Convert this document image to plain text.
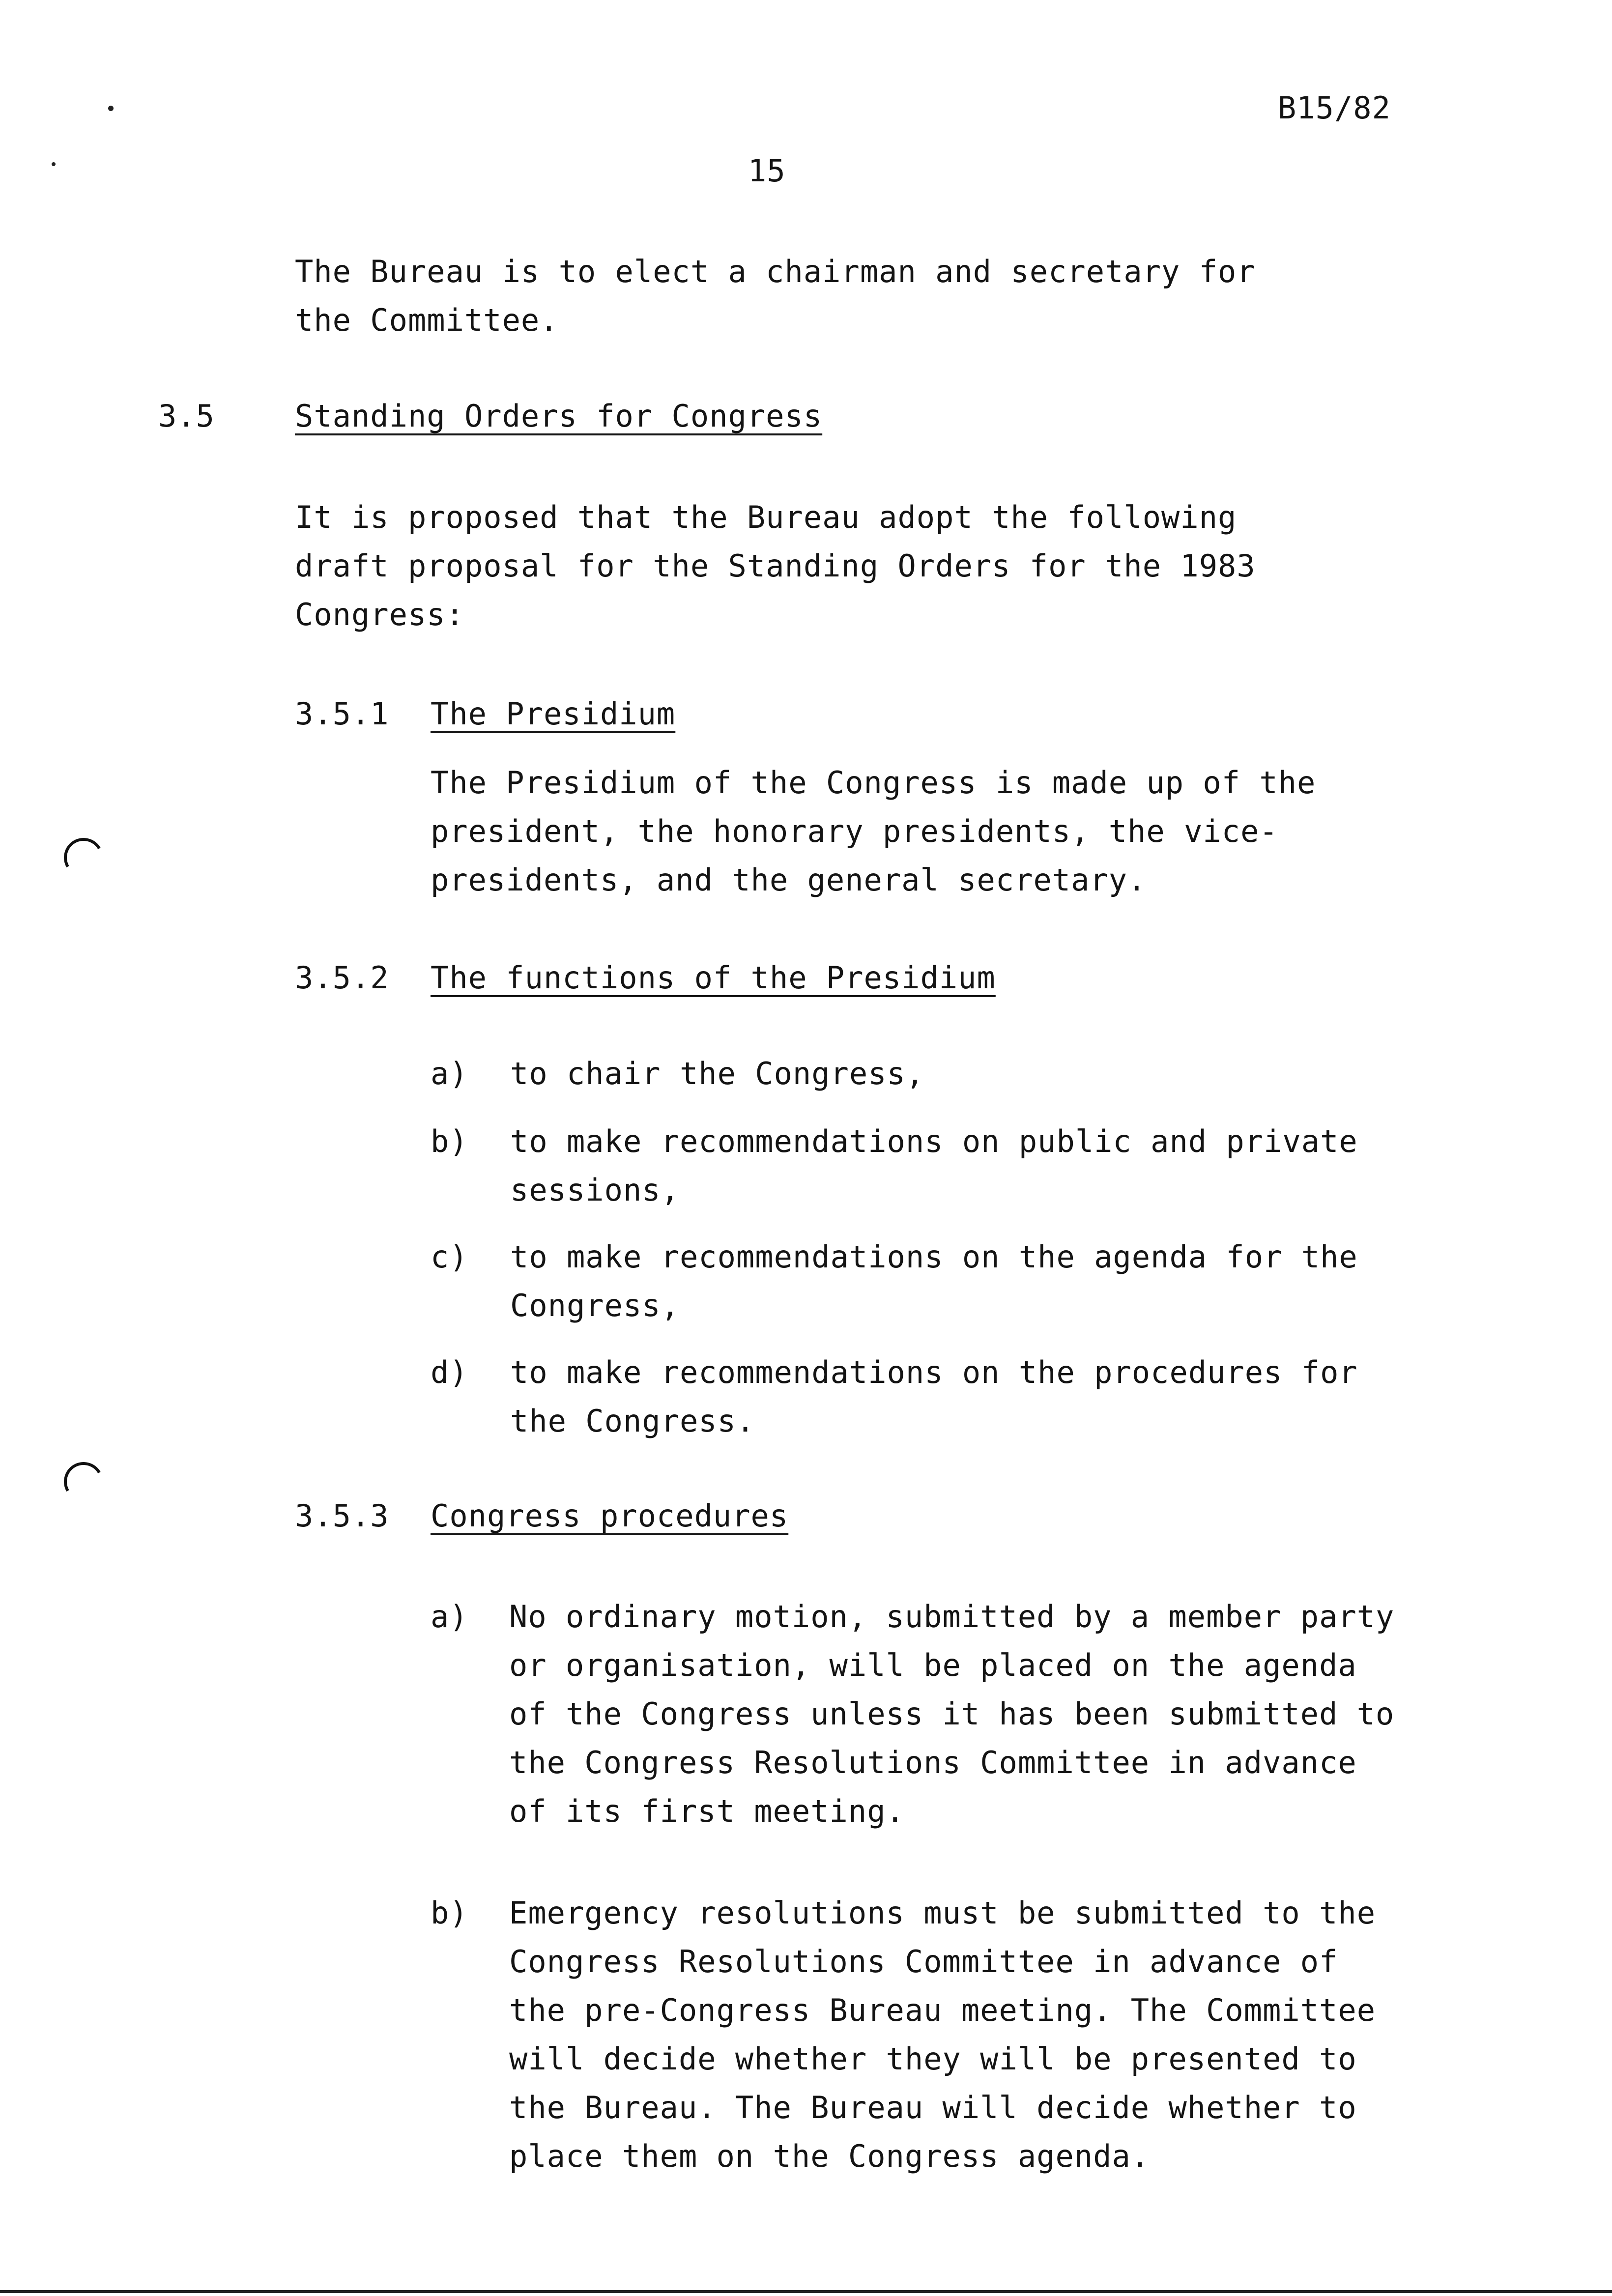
B15/82
15
The Bureau is to elect a chairman and secretary for
the Committee.
3.5	Standing Orders for Congress
It is proposed that the Bureau adopt the following
draft proposal for the Standing Orders for the 1983
Congress:
3.5.1 The Presidium
The Presidium of the Congress is made up of the
president, the honorary presidents, the vice-
presidents, and the general secretary.
3.5.2 The functions of the Presidium
a) to chair the Congress,
b) to make recommendations on public and private
sessions,
c) to make recommendations on the agenda for the
Congress,
d) to make recommendations on the procedures for
the Congress.
3.5.3 Congress procedures
a) No ordinary motion, submitted by a member party
or organisation, will be placed on the agenda
of the Congress unless it has been submitted to
the Congress Resolutions Committee in advance
of its first meeting.
b) Emergency resolutions must be submitted to the
Congress Resolutions Committee in advance of
the pre-Congress Bureau meeting. The Committee
will decide whether they will be presented to
the Bureau. The Bureau will decide whether to
place them on the Congress agenda.
